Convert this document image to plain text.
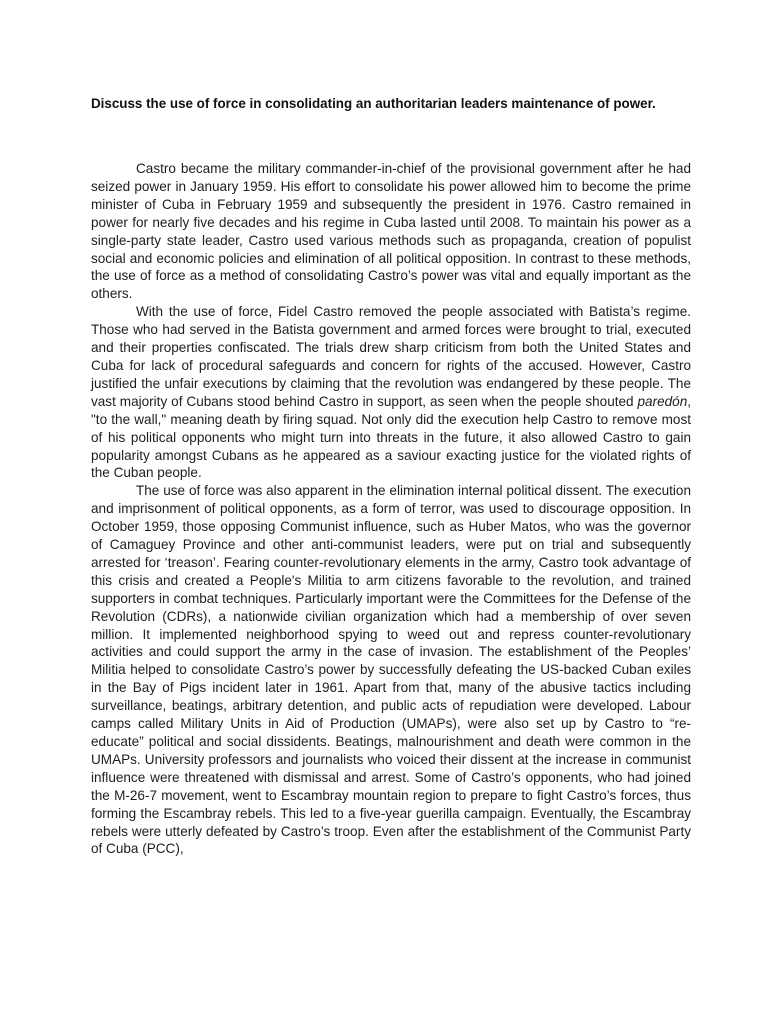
Discuss the use of force in consolidating an authoritarian leaders maintenance of power.

Castro became the military commander-in-chief of the provisional government after he had seized power in January 1959. His effort to consolidate his power allowed him to become the prime minister of Cuba in February 1959 and subsequently the president in 1976. Castro remained in power for nearly five decades and his regime in Cuba lasted until 2008. To maintain his power as a single-party state leader, Castro used various methods such as propaganda, creation of populist social and economic policies and elimination of all political opposition. In contrast to these methods, the use of force as a method of consolidating Castro’s power was vital and equally important as the others.

With the use of force, Fidel Castro removed the people associated with Batista’s regime. Those who had served in the Batista government and armed forces were brought to trial, executed and their properties confiscated. The trials drew sharp criticism from both the United States and Cuba for lack of procedural safeguards and concern for rights of the accused. However, Castro justified the unfair executions by claiming that the revolution was endangered by these people. The vast majority of Cubans stood behind Castro in support, as seen when the people shouted paredón, "to the wall," meaning death by firing squad. Not only did the execution help Castro to remove most of his political opponents who might turn into threats in the future, it also allowed Castro to gain popularity amongst Cubans as he appeared as a saviour exacting justice for the violated rights of the Cuban people.

The use of force was also apparent in the elimination internal political dissent. The execution and imprisonment of political opponents, as a form of terror, was used to discourage opposition. In October 1959, those opposing Communist influence, such as Huber Matos, who was the governor of Camaguey Province and other anti-communist leaders, were put on trial and subsequently arrested for ‘treason’. Fearing counter-revolutionary elements in the army, Castro took advantage of this crisis and created a People's Militia to arm citizens favorable to the revolution, and trained supporters in combat techniques. Particularly important were the Committees for the Defense of the Revolution (CDRs), a nationwide civilian organization which had a membership of over seven million. It implemented neighborhood spying to weed out and repress counter-revolutionary activities and could support the army in the case of invasion. The establishment of the Peoples’ Militia helped to consolidate Castro’s power by successfully defeating the US-backed Cuban exiles in the Bay of Pigs incident later in 1961. Apart from that, many of the abusive tactics including surveillance, beatings, arbitrary detention, and public acts of repudiation were developed. Labour camps called Military Units in Aid of Production (UMAPs), were also set up by Castro to “re-educate” political and social dissidents. Beatings, malnourishment and death were common in the UMAPs. University professors and journalists who voiced their dissent at the increase in communist influence were threatened with dismissal and arrest. Some of Castro’s opponents, who had joined the M-26-7 movement, went to Escambray mountain region to prepare to fight Castro’s forces, thus forming the Escambray rebels. This led to a five-year guerilla campaign. Eventually, the Escambray rebels were utterly defeated by Castro’s troop. Even after the establishment of the Communist Party of Cuba (PCC),
